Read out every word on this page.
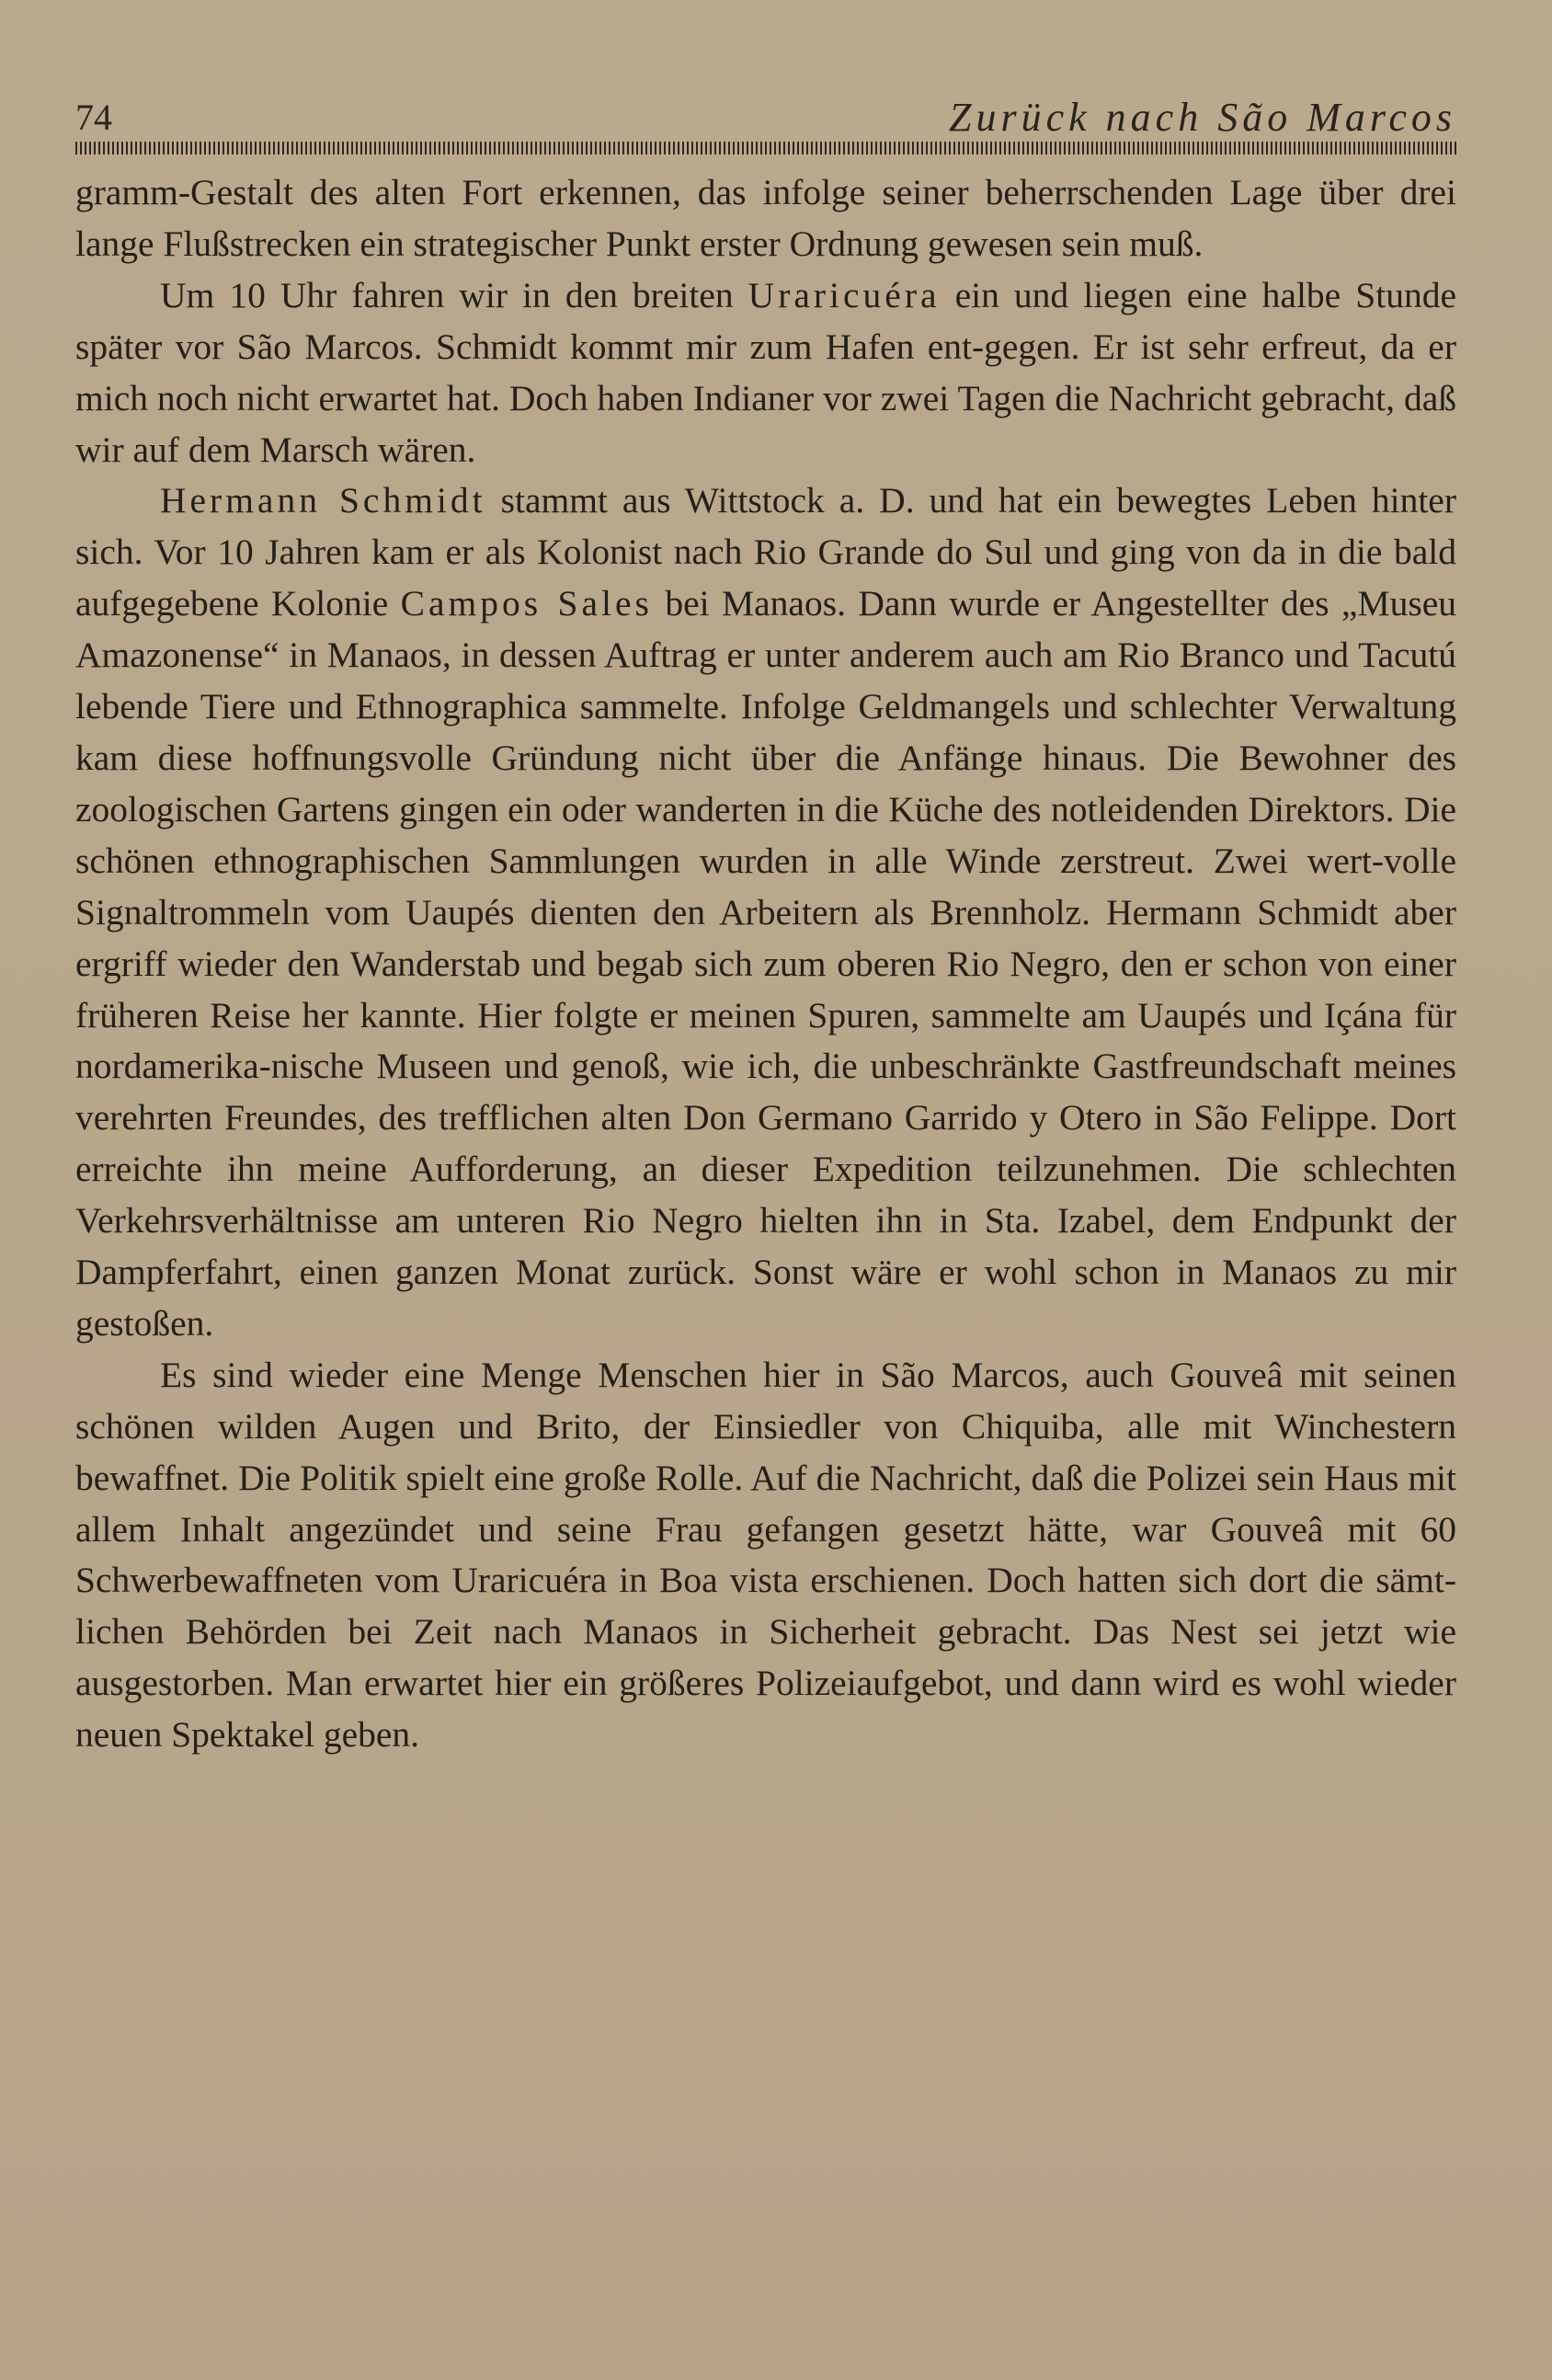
74	Zurück nach São Marcos

gramm-Gestalt des alten Fort erkennen, das infolge seiner beherrschenden Lage über drei lange Flußstrecken ein strategischer Punkt erster Ordnung gewesen sein muß.

Um 10 Uhr fahren wir in den breiten Uraricuéra ein und liegen eine halbe Stunde später vor São Marcos. Schmidt kommt mir zum Hafen ent-gegen. Er ist sehr erfreut, da er mich noch nicht erwartet hat. Doch haben Indianer vor zwei Tagen die Nachricht gebracht, daß wir auf dem Marsch wären.

Hermann Schmidt stammt aus Wittstock a. D. und hat ein bewegtes Leben hinter sich. Vor 10 Jahren kam er als Kolonist nach Rio Grande do Sul und ging von da in die bald aufgegebene Kolonie Campos Sales bei Manaos. Dann wurde er Angestellter des „Museu Amazonense“ in Manaos, in dessen Auftrag er unter anderem auch am Rio Branco und Tacutú lebende Tiere und Ethnographica sammelte. Infolge Geldmangels und schlechter Verwaltung kam diese hoffnungsvolle Gründung nicht über die Anfänge hinaus. Die Bewohner des zoologischen Gartens gingen ein oder wanderten in die Küche des notleidenden Direktors. Die schönen ethnographischen Sammlungen wurden in alle Winde zerstreut. Zwei wert-volle Signaltrommeln vom Uaupés dienten den Arbeitern als Brennholz. Hermann Schmidt aber ergriff wieder den Wanderstab und begab sich zum oberen Rio Negro, den er schon von einer früheren Reise her kannte. Hier folgte er meinen Spuren, sammelte am Uaupés und Içána für nordamerika-nische Museen und genoß, wie ich, die unbeschränkte Gastfreundschaft meines verehrten Freundes, des trefflichen alten Don Germano Garrido y Otero in São Felippe. Dort erreichte ihn meine Aufforderung, an dieser Expedition teilzunehmen. Die schlechten Verkehrsverhältnisse am unteren Rio Negro hielten ihn in Sta. Izabel, dem Endpunkt der Dampferfahrt, einen ganzen Monat zurück. Sonst wäre er wohl schon in Manaos zu mir gestoßen.

Es sind wieder eine Menge Menschen hier in São Marcos, auch Gouveâ mit seinen schönen wilden Augen und Brito, der Einsiedler von Chiquiba, alle mit Winchestern bewaffnet. Die Politik spielt eine große Rolle. Auf die Nachricht, daß die Polizei sein Haus mit allem Inhalt angezündet und seine Frau gefangen gesetzt hätte, war Gouveâ mit 60 Schwerbewaffneten vom Uraricuéra in Boa vista erschienen. Doch hatten sich dort die sämt-lichen Behörden bei Zeit nach Manaos in Sicherheit gebracht. Das Nest sei jetzt wie ausgestorben. Man erwartet hier ein größeres Polizeiaufgebot, und dann wird es wohl wieder neuen Spektakel geben.
